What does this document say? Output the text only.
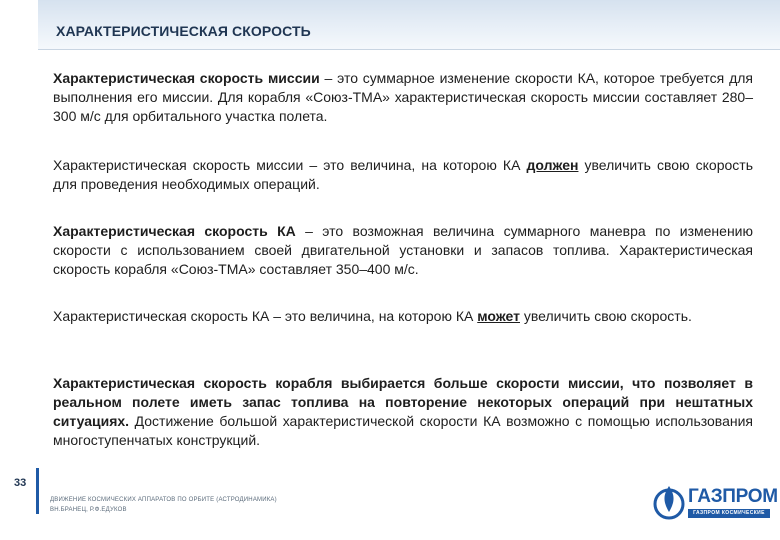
ХАРАКТЕРИСТИЧЕСКАЯ СКОРОСТЬ

Характеристическая скорость миссии – это суммарное изменение скорости КА, которое требуется для выполнения его миссии. Для корабля «Союз-ТМА» характеристическая скорость миссии составляет 280–300 м/с для орбитального участка полета.

Характеристическая скорость миссии – это величина, на которою КА должен увеличить свою скорость для проведения необходимых операций.

Характеристическая скорость КА – это возможная величина суммарного маневра по изменению скорости с использованием своей двигательной установки и запасов топлива. Характеристическая скорость корабля «Союз-ТМА» составляет 350–400 м/с.

Характеристическая скорость КА – это величина, на которою КА может увеличить свою скорость.

Характеристическая скорость корабля выбирается больше скорости миссии, что позволяет в реальном полете иметь запас топлива на повторение некоторых операций при нештатных ситуациях. Достижение большой характеристической скорости КА возможно с помощью использования многоступенчатых конструкций.

33
ДВИЖЕНИЕ КОСМИЧЕСКИХ АППАРАТОВ ПО ОРБИТЕ (АСТРОДИНАМИКА)
ВН.БРАНЕЦ, Р.Ф.ЕДУКОВ
ГАЗПРОМ
ГАЗПРОМ КОСМИЧЕСКИЕ СИСТЕМЫ
